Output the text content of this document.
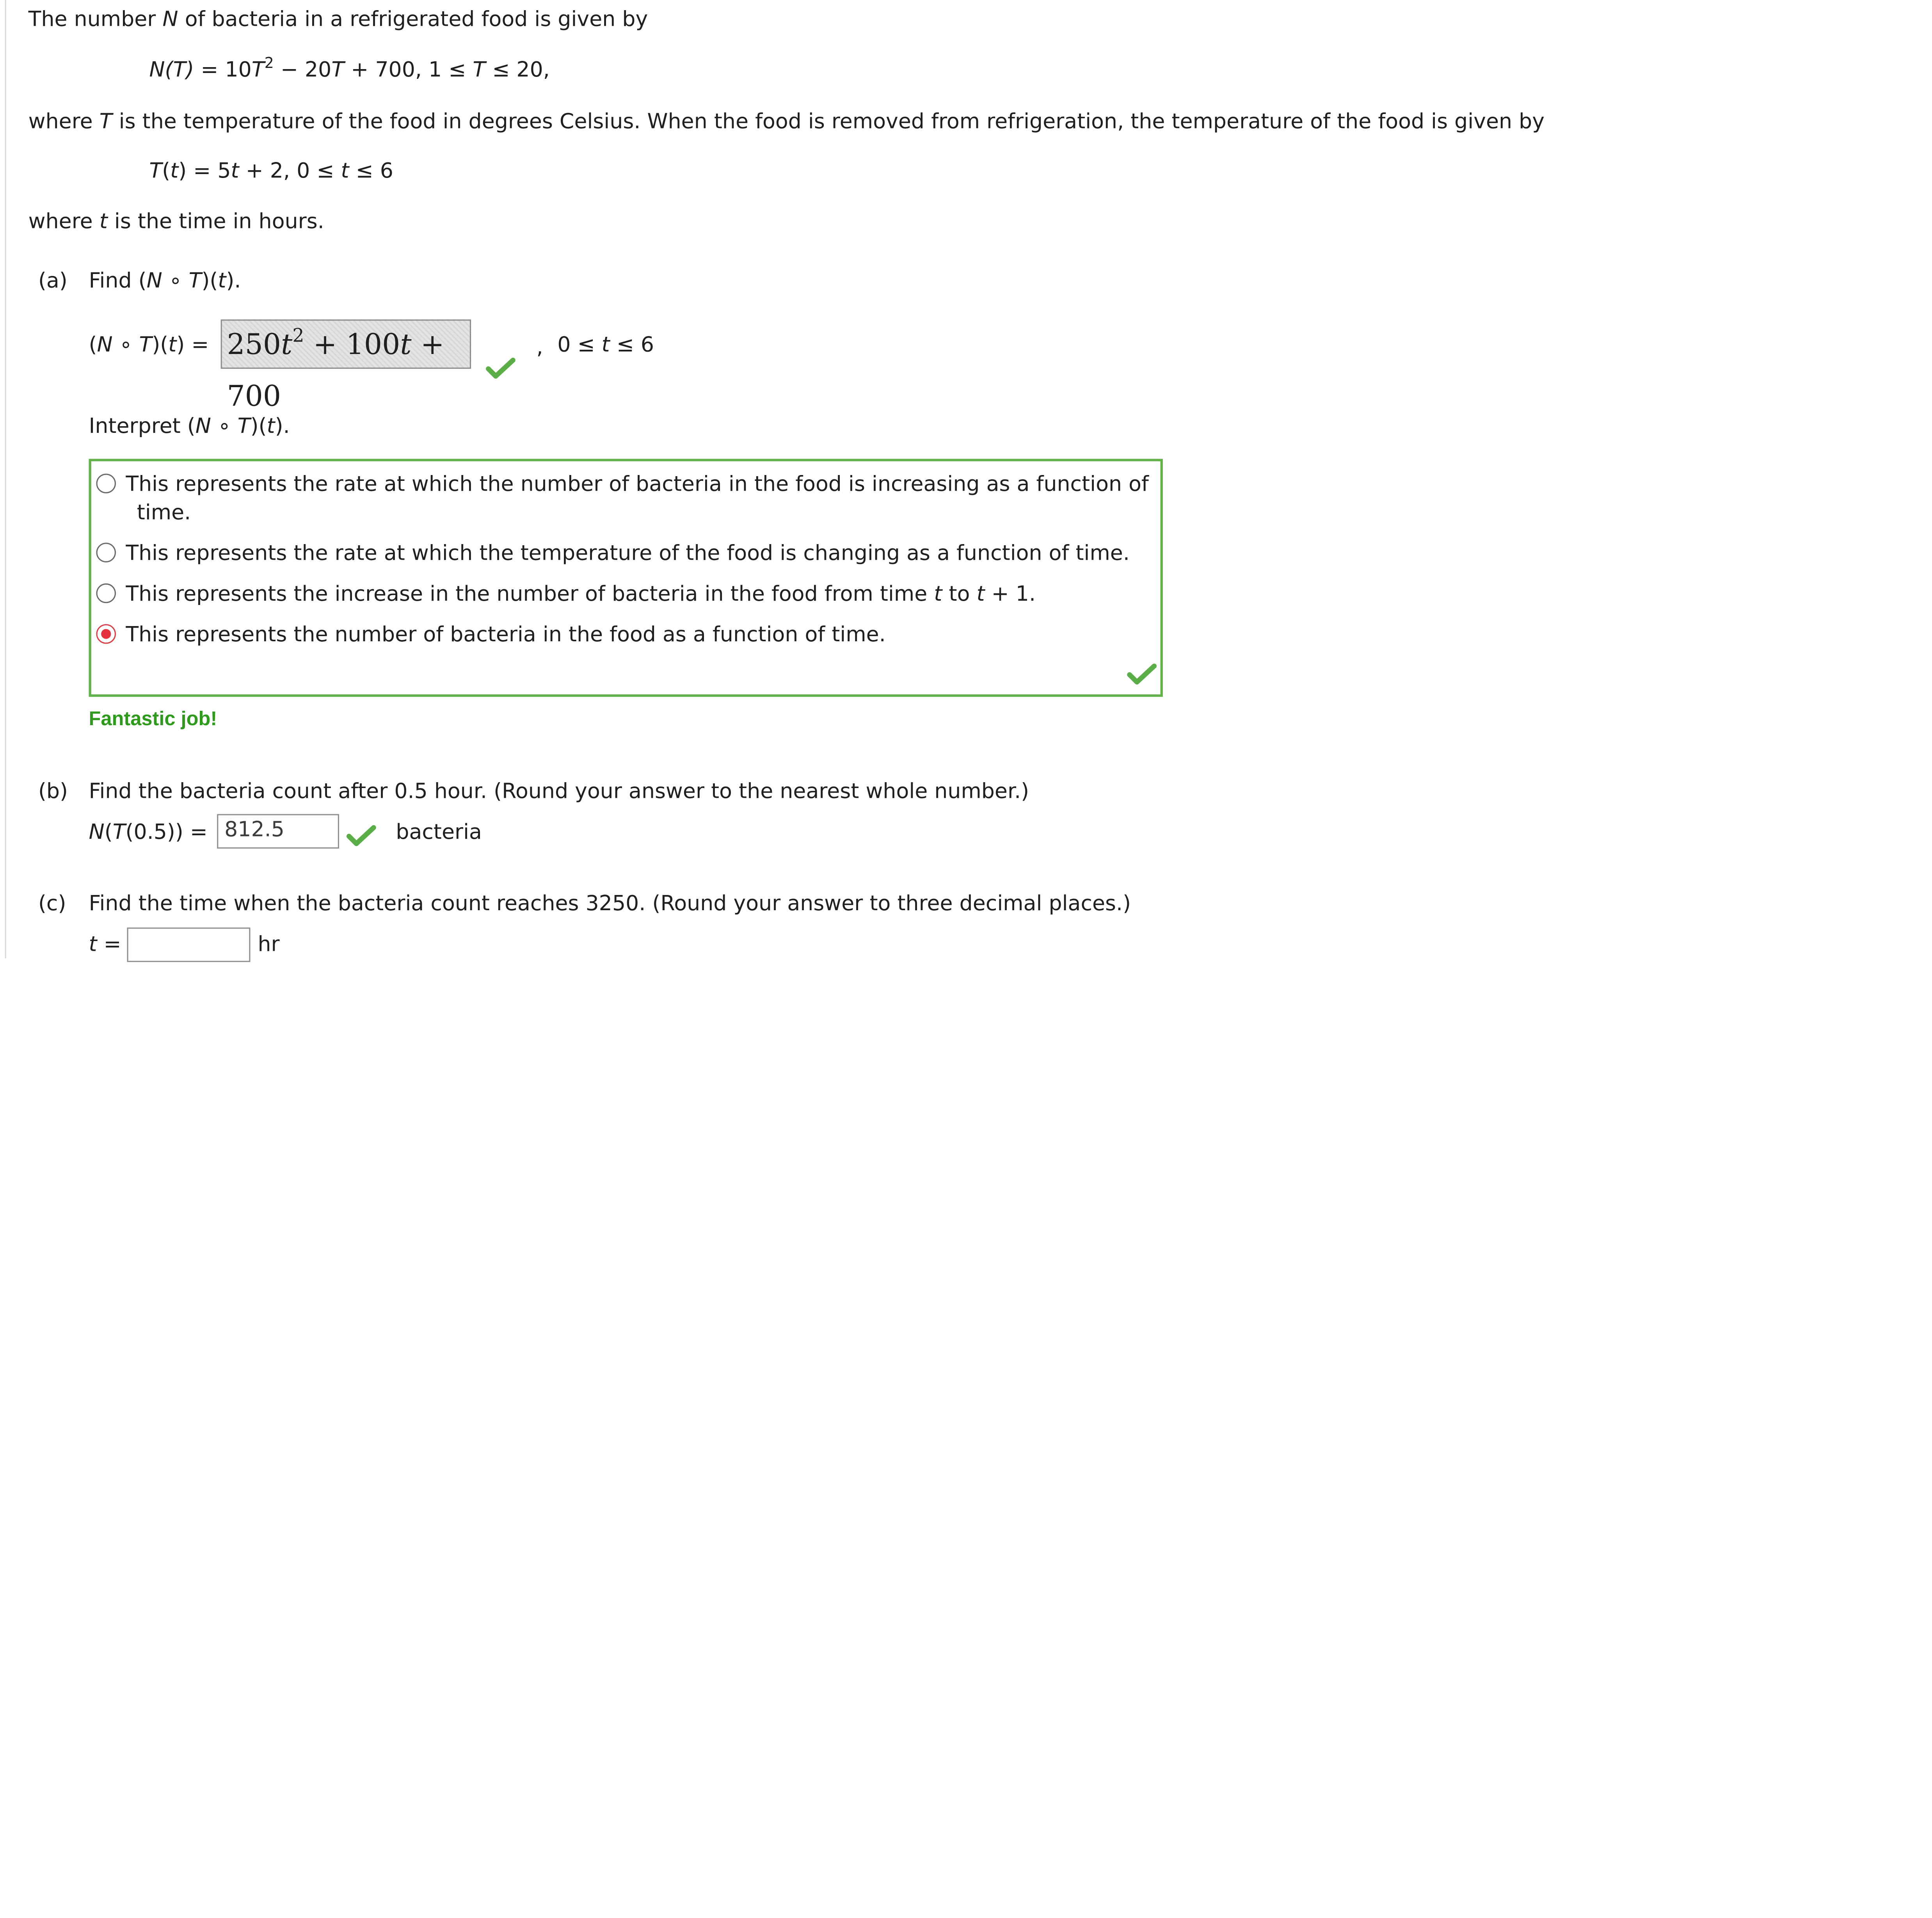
The number N of bacteria in a refrigerated food is given by
$N(T) = 10T^2 - 20T + 700$, 1 ≤ T ≤ 20,
where T is the temperature of the food in degrees Celsius. When the food is removed from refrigeration, the temperature of the food is given by
T(t) = 5t + 2, 0 ≤ t ≤ 6
where t is the time in hours.
(a)	Find (N ∘ T)(t).
(N ∘ T)(t) =	$250t^2 + 100t + 700$
, 0 ≤ t ≤ 6
Interpret (N ∘ T)(t).
This represents the rate at which the number of bacteria in the food is increasing as a function of
time.
This represents the rate at which the temperature of the food is changing as a function of time.
This represents the increase in the number of bacteria in the food from time t to t + 1.
This represents the number of bacteria in the food as a function of time.
Fantastic job!
(b)	Find the bacteria count after 0.5 hour. (Round your answer to the nearest whole number.)
N(T(0.5)) =	812.5	bacteria
(c)	Find the time when the bacteria count reaches 3250. (Round your answer to three decimal places.)
t =	hr
